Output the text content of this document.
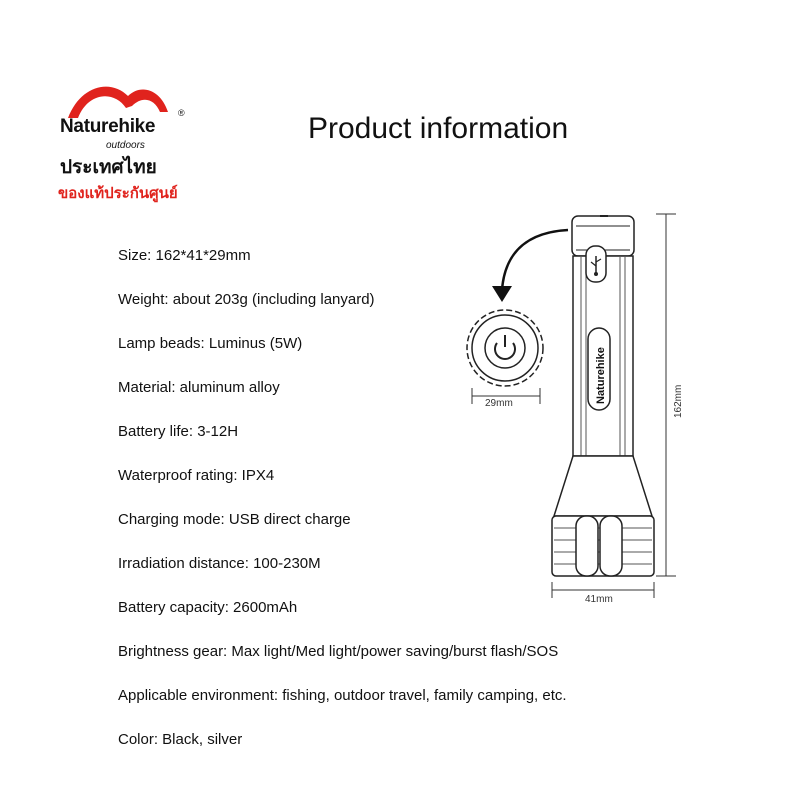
®
Naturehike
outdoors
ประเทศไทย
ของแท้ประกันศูนย์
Product information
Size: 162*41*29mm
Weight: about 203g (including lanyard)
Lamp beads: Luminus (5W)
Material: aluminum alloy
Battery life: 3-12H
Waterproof rating: IPX4
Charging mode: USB direct charge
Irradiation distance: 100-230M
Battery capacity: 2600mAh
Brightness gear: Max light/Med light/power saving/burst flash/SOS
Applicable environment: fishing, outdoor travel, family camping, etc.
Color: Black, silver
29mm	Naturehike	162mm
41mm
